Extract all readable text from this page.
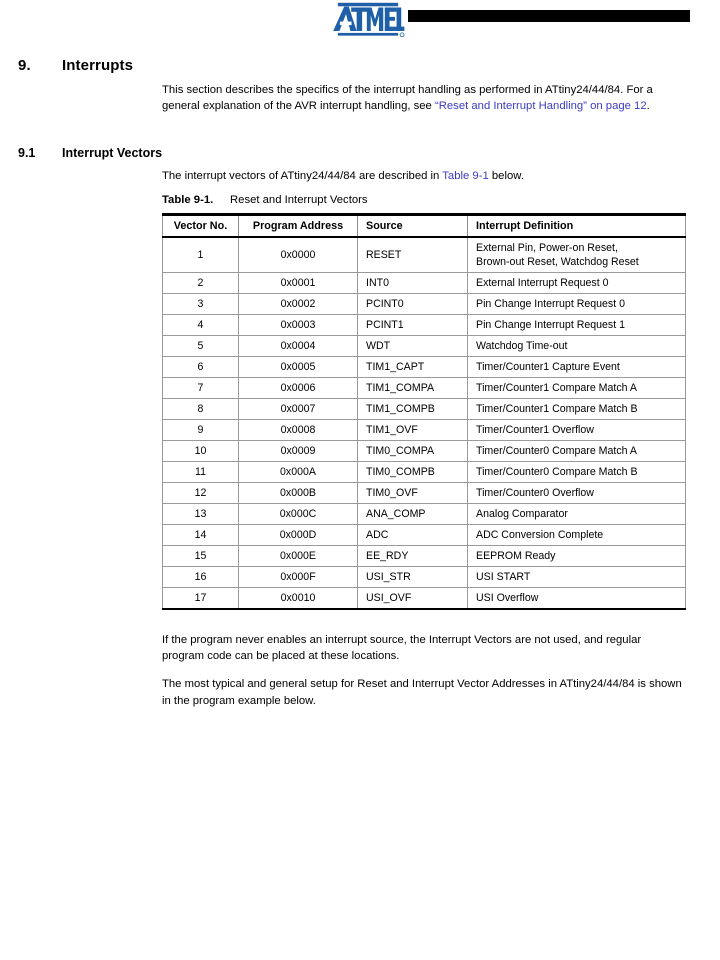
9. Interrupts

This section describes the specifics of the interrupt handling as performed in ATtiny24/44/84. For a general explanation of the AVR interrupt handling, see “Reset and Interrupt Handling” on page 12.

9.1 Interrupt Vectors

The interrupt vectors of ATtiny24/44/84 are described in Table 9-1 below.

Table 9-1. Reset and Interrupt Vectors
Vector No.	Program Address	Source	Interrupt Definition
1	0x0000	RESET	External Pin, Power-on Reset,
Brown-out Reset, Watchdog Reset

2	0x0001	INT0	External Interrupt Request 0

3	0x0002	PCINT0	Pin Change Interrupt Request 0

4	0x0003	PCINT1	Pin Change Interrupt Request 1

5	0x0004	WDT	Watchdog Time-out

6	0x0005	TIM1_CAPT	Timer/Counter1 Capture Event

7	0x0006	TIM1_COMPA	Timer/Counter1 Compare Match A

8	0x0007	TIM1_COMPB	Timer/Counter1 Compare Match B

9	0x0008	TIM1_OVF	Timer/Counter1 Overflow

10	0x0009	TIM0_COMPA	Timer/Counter0 Compare Match A

11	0x000A	TIM0_COMPB	Timer/Counter0 Compare Match B

12	0x000B	TIM0_OVF	Timer/Counter0 Overflow

13	0x000C	ANA_COMP	Analog Comparator

14	0x000D	ADC	ADC Conversion Complete

15	0x000E	EE_RDY	EEPROM Ready

16	0x000F	USI_STR	USI START

17	0x0010	USI_OVF	USI Overflow

If the program never enables an interrupt source, the Interrupt Vectors are not used, and regular program code can be placed at these locations.

The most typical and general setup for Reset and Interrupt Vector Addresses in ATtiny24/44/84 is shown in the program example below.
